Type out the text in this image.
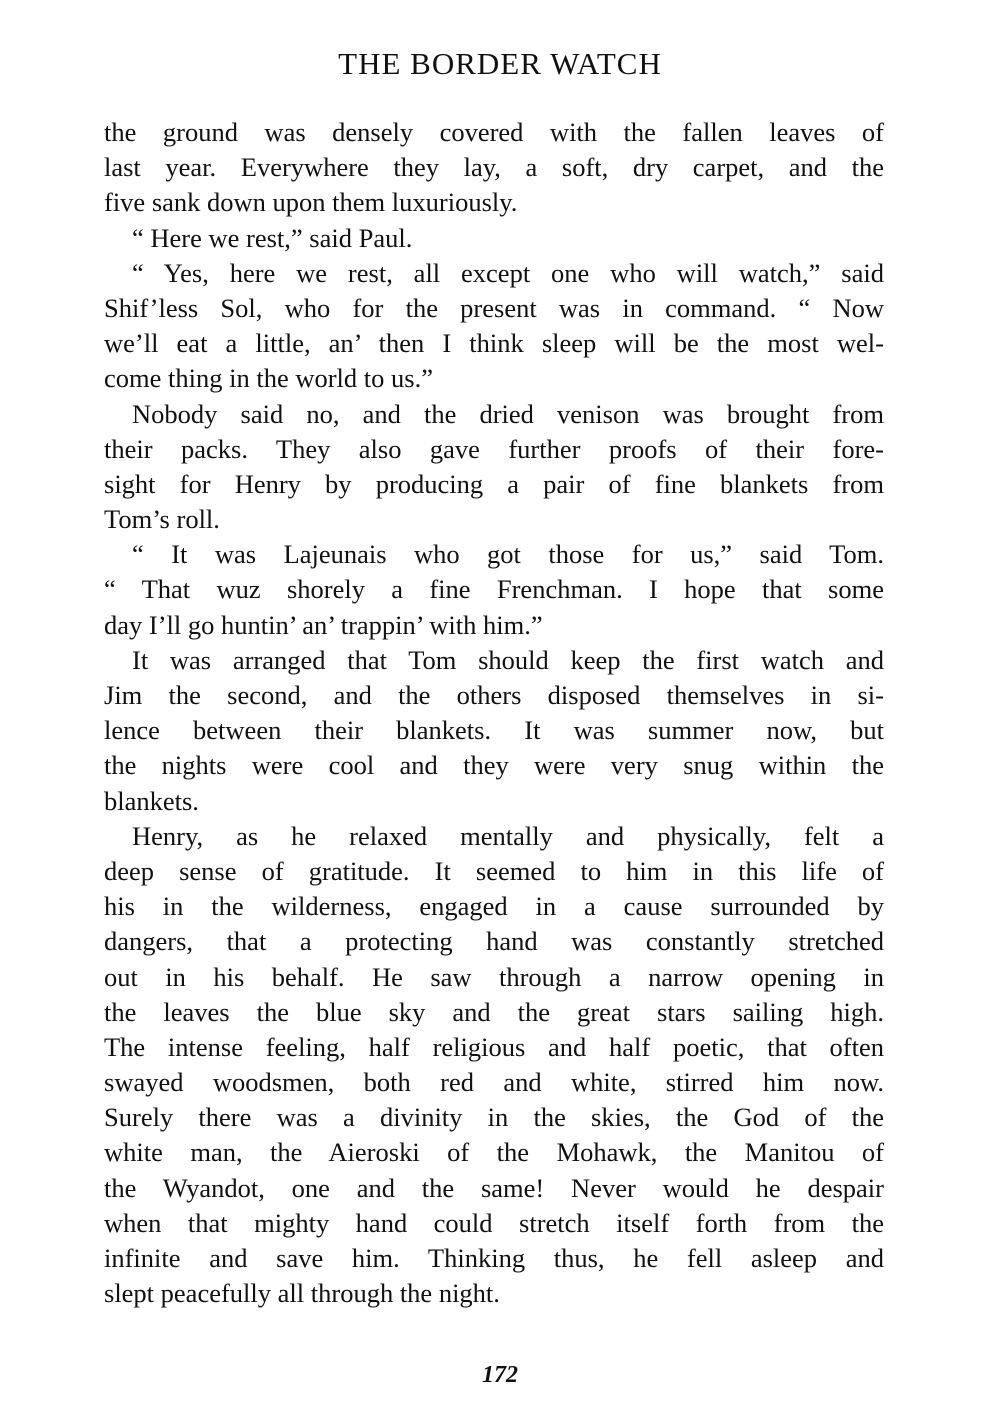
THE BORDER WATCH
the ground was densely covered with the fallen leaves of
last year. Everywhere they lay, a soft, dry carpet, and the
five sank down upon them luxuriously.
“ Here we rest,” said Paul.
“ Yes, here we rest, all except one who will watch,” said
Shif’less Sol, who for the present was in command. “ Now
we’ll eat a little, an’ then I think sleep will be the most wel-
come thing in the world to us.”
Nobody said no, and the dried venison was brought from
their packs. They also gave further proofs of their fore-
sight for Henry by producing a pair of fine blankets from
Tom’s roll.
“ It was Lajeunais who got those for us,” said Tom.
“ That wuz shorely a fine Frenchman. I hope that some
day I’ll go huntin’ an’ trappin’ with him.”
It was arranged that Tom should keep the first watch and
Jim the second, and the others disposed themselves in si-
lence between their blankets. It was summer now, but
the nights were cool and they were very snug within the
blankets.
Henry, as he relaxed mentally and physically, felt a
deep sense of gratitude. It seemed to him in this life of
his in the wilderness, engaged in a cause surrounded by
dangers, that a protecting hand was constantly stretched
out in his behalf. He saw through a narrow opening in
the leaves the blue sky and the great stars sailing high.
The intense feeling, half religious and half poetic, that often
swayed woodsmen, both red and white, stirred him now.
Surely there was a divinity in the skies, the God of the
white man, the Aieroski of the Mohawk, the Manitou of
the Wyandot, one and the same! Never would he despair
when that mighty hand could stretch itself forth from the
infinite and save him. Thinking thus, he fell asleep and
slept peacefully all through the night.
172
